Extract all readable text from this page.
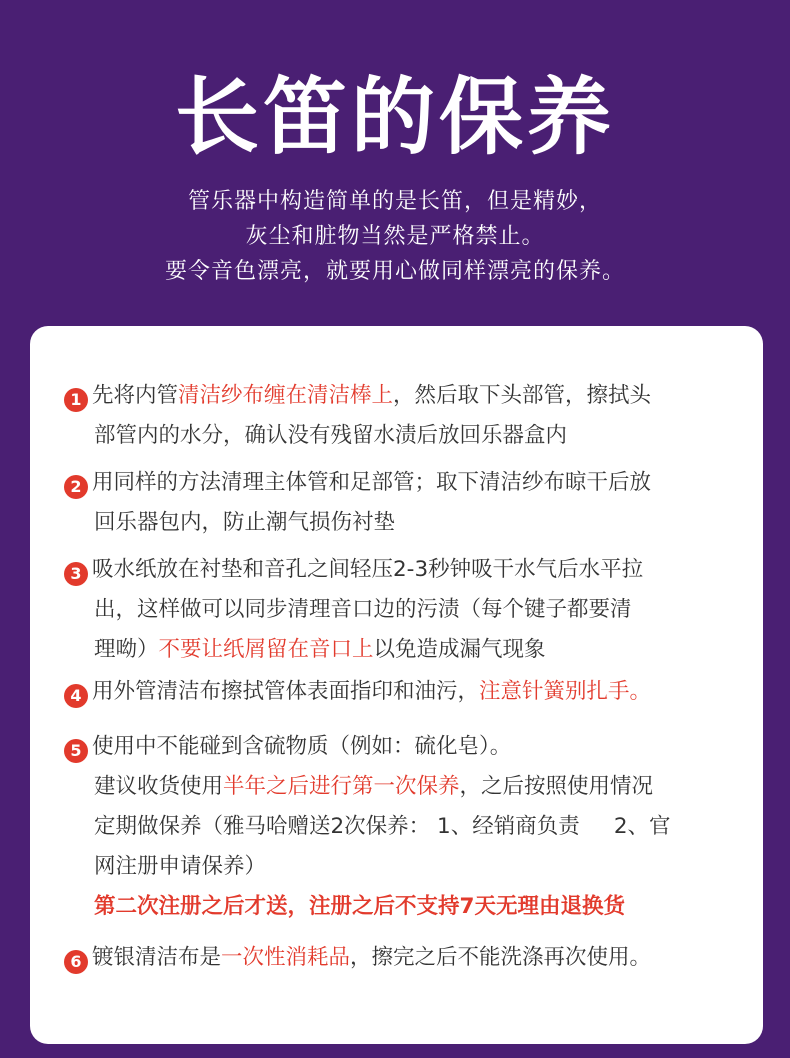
长笛的保养
管乐器中构造简单的是长笛，但是精妙，
灰尘和脏物当然是严格禁止。
要令音色漂亮，就要用心做同样漂亮的保养。
1 先将内管清洁纱布缠在清洁棒上，然后取下头部管，擦拭头
部管内的水分，确认没有残留水渍后放回乐器盒内
2 用同样的方法清理主体管和足部管；取下清洁纱布晾干后放
回乐器包内，防止潮气损伤衬垫
3 吸水纸放在衬垫和音孔之间轻压2-3秒钟吸干水气后水平拉
出，这样做可以同步清理音口边的污渍（每个键子都要清
理呦）不要让纸屑留在音口上以免造成漏气现象
4 用外管清洁布擦拭管体表面指印和油污，注意针簧别扎手。
5 使用中不能碰到含硫物质（例如：硫化皂）。
建议收货使用半年之后进行第一次保养，之后按照使用情况
定期做保养（雅马哈赠送2次保养： 1、经销商负责     2、官
网注册申请保养）
第二次注册之后才送，注册之后不支持7天无理由退换货
6 镀银清洁布是一次性消耗品，擦完之后不能洗涤再次使用。
